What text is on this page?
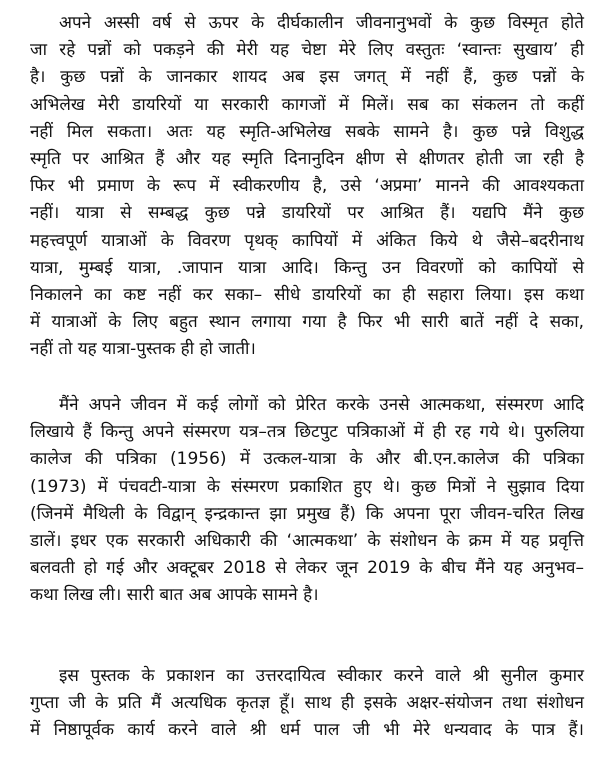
अपने अस्सी वर्ष से ऊपर के दीर्घकालीन जीवनानुभवों के कुछ विस्मृत होते
जा रहे पन्नों को पकड़ने की मेरी यह चेष्टा मेरे लिए वस्तुतः ‘स्वान्तः सुखाय’ ही
है। कुछ पन्नों के जानकार शायद अब इस जगत् में नहीं हैं, कुछ पन्नों के
अभिलेख मेरी डायरियों या सरकारी कागजों में मिलें। सब का संकलन तो कहीं
नहीं मिल सकता। अतः यह स्मृति-अभिलेख सबके सामने है। कुछ पन्ने विशुद्ध
स्मृति पर आश्रित हैं और यह स्मृति दिनानुदिन क्षीण से क्षीणतर होती जा रही है
फिर भी प्रमाण के रूप में स्वीकरणीय है, उसे ‘अप्रमा’ मानने की आवश्यकता
नहीं। यात्रा से सम्बद्ध कुछ पन्ने डायरियों पर आश्रित हैं। यद्यपि मैंने कुछ
महत्त्वपूर्ण यात्राओं के विवरण पृथक् कापियों में अंकित किये थे जैसे–बदरीनाथ
यात्रा, मुम्बई यात्रा, .जापान यात्रा आदि। किन्तु उन विवरणों को कापियों से
निकालने का कष्ट नहीं कर सका– सीधे डायरियों का ही सहारा लिया। इस कथा
में यात्राओं के लिए बहुत स्थान लगाया गया है फिर भी सारी बातें नहीं दे सका,
नहीं तो यह यात्रा-पुस्तक ही हो जाती।
मैंने अपने जीवन में कई लोगों को प्रेरित करके उनसे आत्मकथा, संस्मरण आदि
लिखाये हैं किन्तु अपने संस्मरण यत्र–तत्र छिटपुट पत्रिकाओं में ही रह गये थे। पुरुलिया
कालेज की पत्रिका (1956) में उत्कल-यात्रा के और बी.एन.कालेज की पत्रिका
(1973) में पंचवटी-यात्रा के संस्मरण प्रकाशित हुए थे। कुछ मित्रों ने सुझाव दिया
(जिनमें मैथिली के विद्वान् इन्द्रकान्त झा प्रमुख हैं) कि अपना पूरा जीवन-चरित लिख
डालें। इधर एक सरकारी अधिकारी की ‘आत्मकथा’ के संशोधन के क्रम में यह प्रवृत्ति
बलवती हो गई और अक्टूबर 2018 से लेकर जून 2019 के बीच मैंने यह अनुभव–
कथा लिख ली। सारी बात अब आपके सामने है।
इस पुस्तक के प्रकाशन का उत्तरदायित्व स्वीकार करने वाले श्री सुनील कुमार
गुप्ता जी के प्रति मैं अत्यधिक कृतज्ञ हूँ। साथ ही इसके अक्षर-संयोजन तथा संशोधन
में निष्ठापूर्वक कार्य करने वाले श्री धर्म पाल जी भी मेरे धन्यवाद के पात्र हैं।
